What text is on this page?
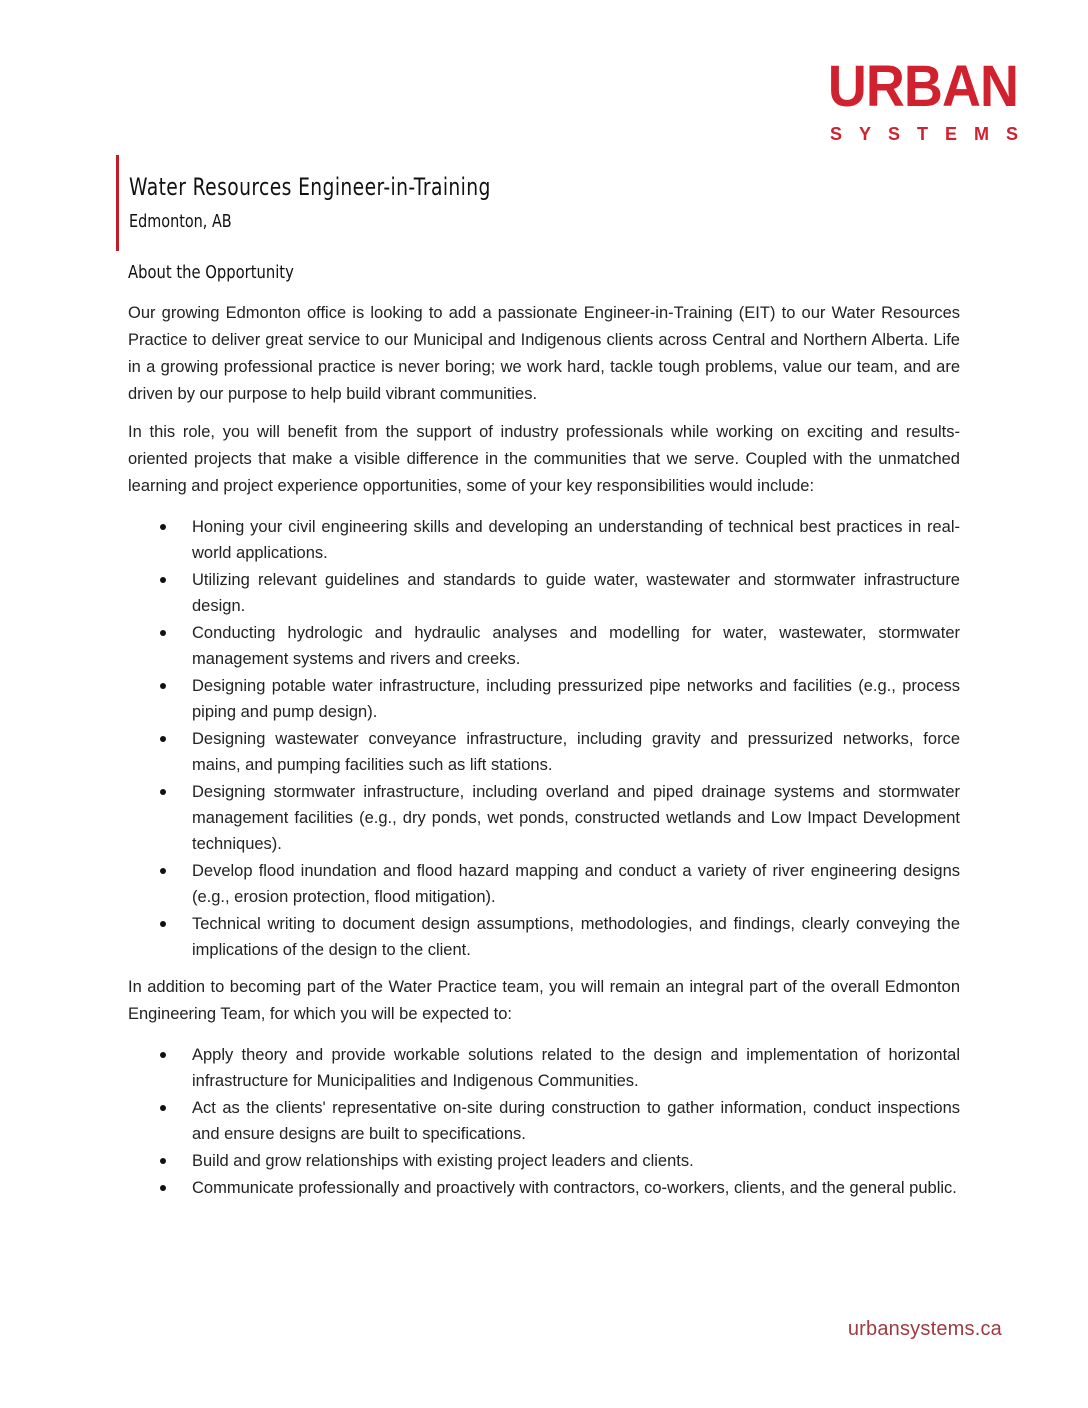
URBAN
SYSTEMS
Water Resources Engineer-in-Training
Edmonton, AB
About the Opportunity

Our growing Edmonton office is looking to add a passionate Engineer-in-Training (EIT) to our Water Resources Practice to deliver great service to our Municipal and Indigenous clients across Central and Northern Alberta. Life in a growing professional practice is never boring; we work hard, tackle tough problems, value our team, and are driven by our purpose to help build vibrant communities.

In this role, you will benefit from the support of industry professionals while working on exciting and results-oriented projects that make a visible difference in the communities that we serve. Coupled with the unmatched learning and project experience opportunities, some of your key responsibilities would include:

Honing your civil engineering skills and developing an understanding of technical best practices in real-world applications.
Utilizing relevant guidelines and standards to guide water, wastewater and stormwater infrastructure design.
Conducting hydrologic and hydraulic analyses and modelling for water, wastewater, stormwater management systems and rivers and creeks.
Designing potable water infrastructure, including pressurized pipe networks and facilities (e.g., process piping and pump design).
Designing wastewater conveyance infrastructure, including gravity and pressurized networks, force mains, and pumping facilities such as lift stations.
Designing stormwater infrastructure, including overland and piped drainage systems and stormwater management facilities (e.g., dry ponds, wet ponds, constructed wetlands and Low Impact Development techniques).
Develop flood inundation and flood hazard mapping and conduct a variety of river engineering designs (e.g., erosion protection, flood mitigation).
Technical writing to document design assumptions, methodologies, and findings, clearly conveying the implications of the design to the client.

In addition to becoming part of the Water Practice team, you will remain an integral part of the overall Edmonton Engineering Team, for which you will be expected to:

Apply theory and provide workable solutions related to the design and implementation of horizontal infrastructure for Municipalities and Indigenous Communities.
Act as the clients' representative on-site during construction to gather information, conduct inspections and ensure designs are built to specifications.
Build and grow relationships with existing project leaders and clients.
Communicate professionally and proactively with contractors, co-workers, clients, and the general public.
urbansystems.ca
